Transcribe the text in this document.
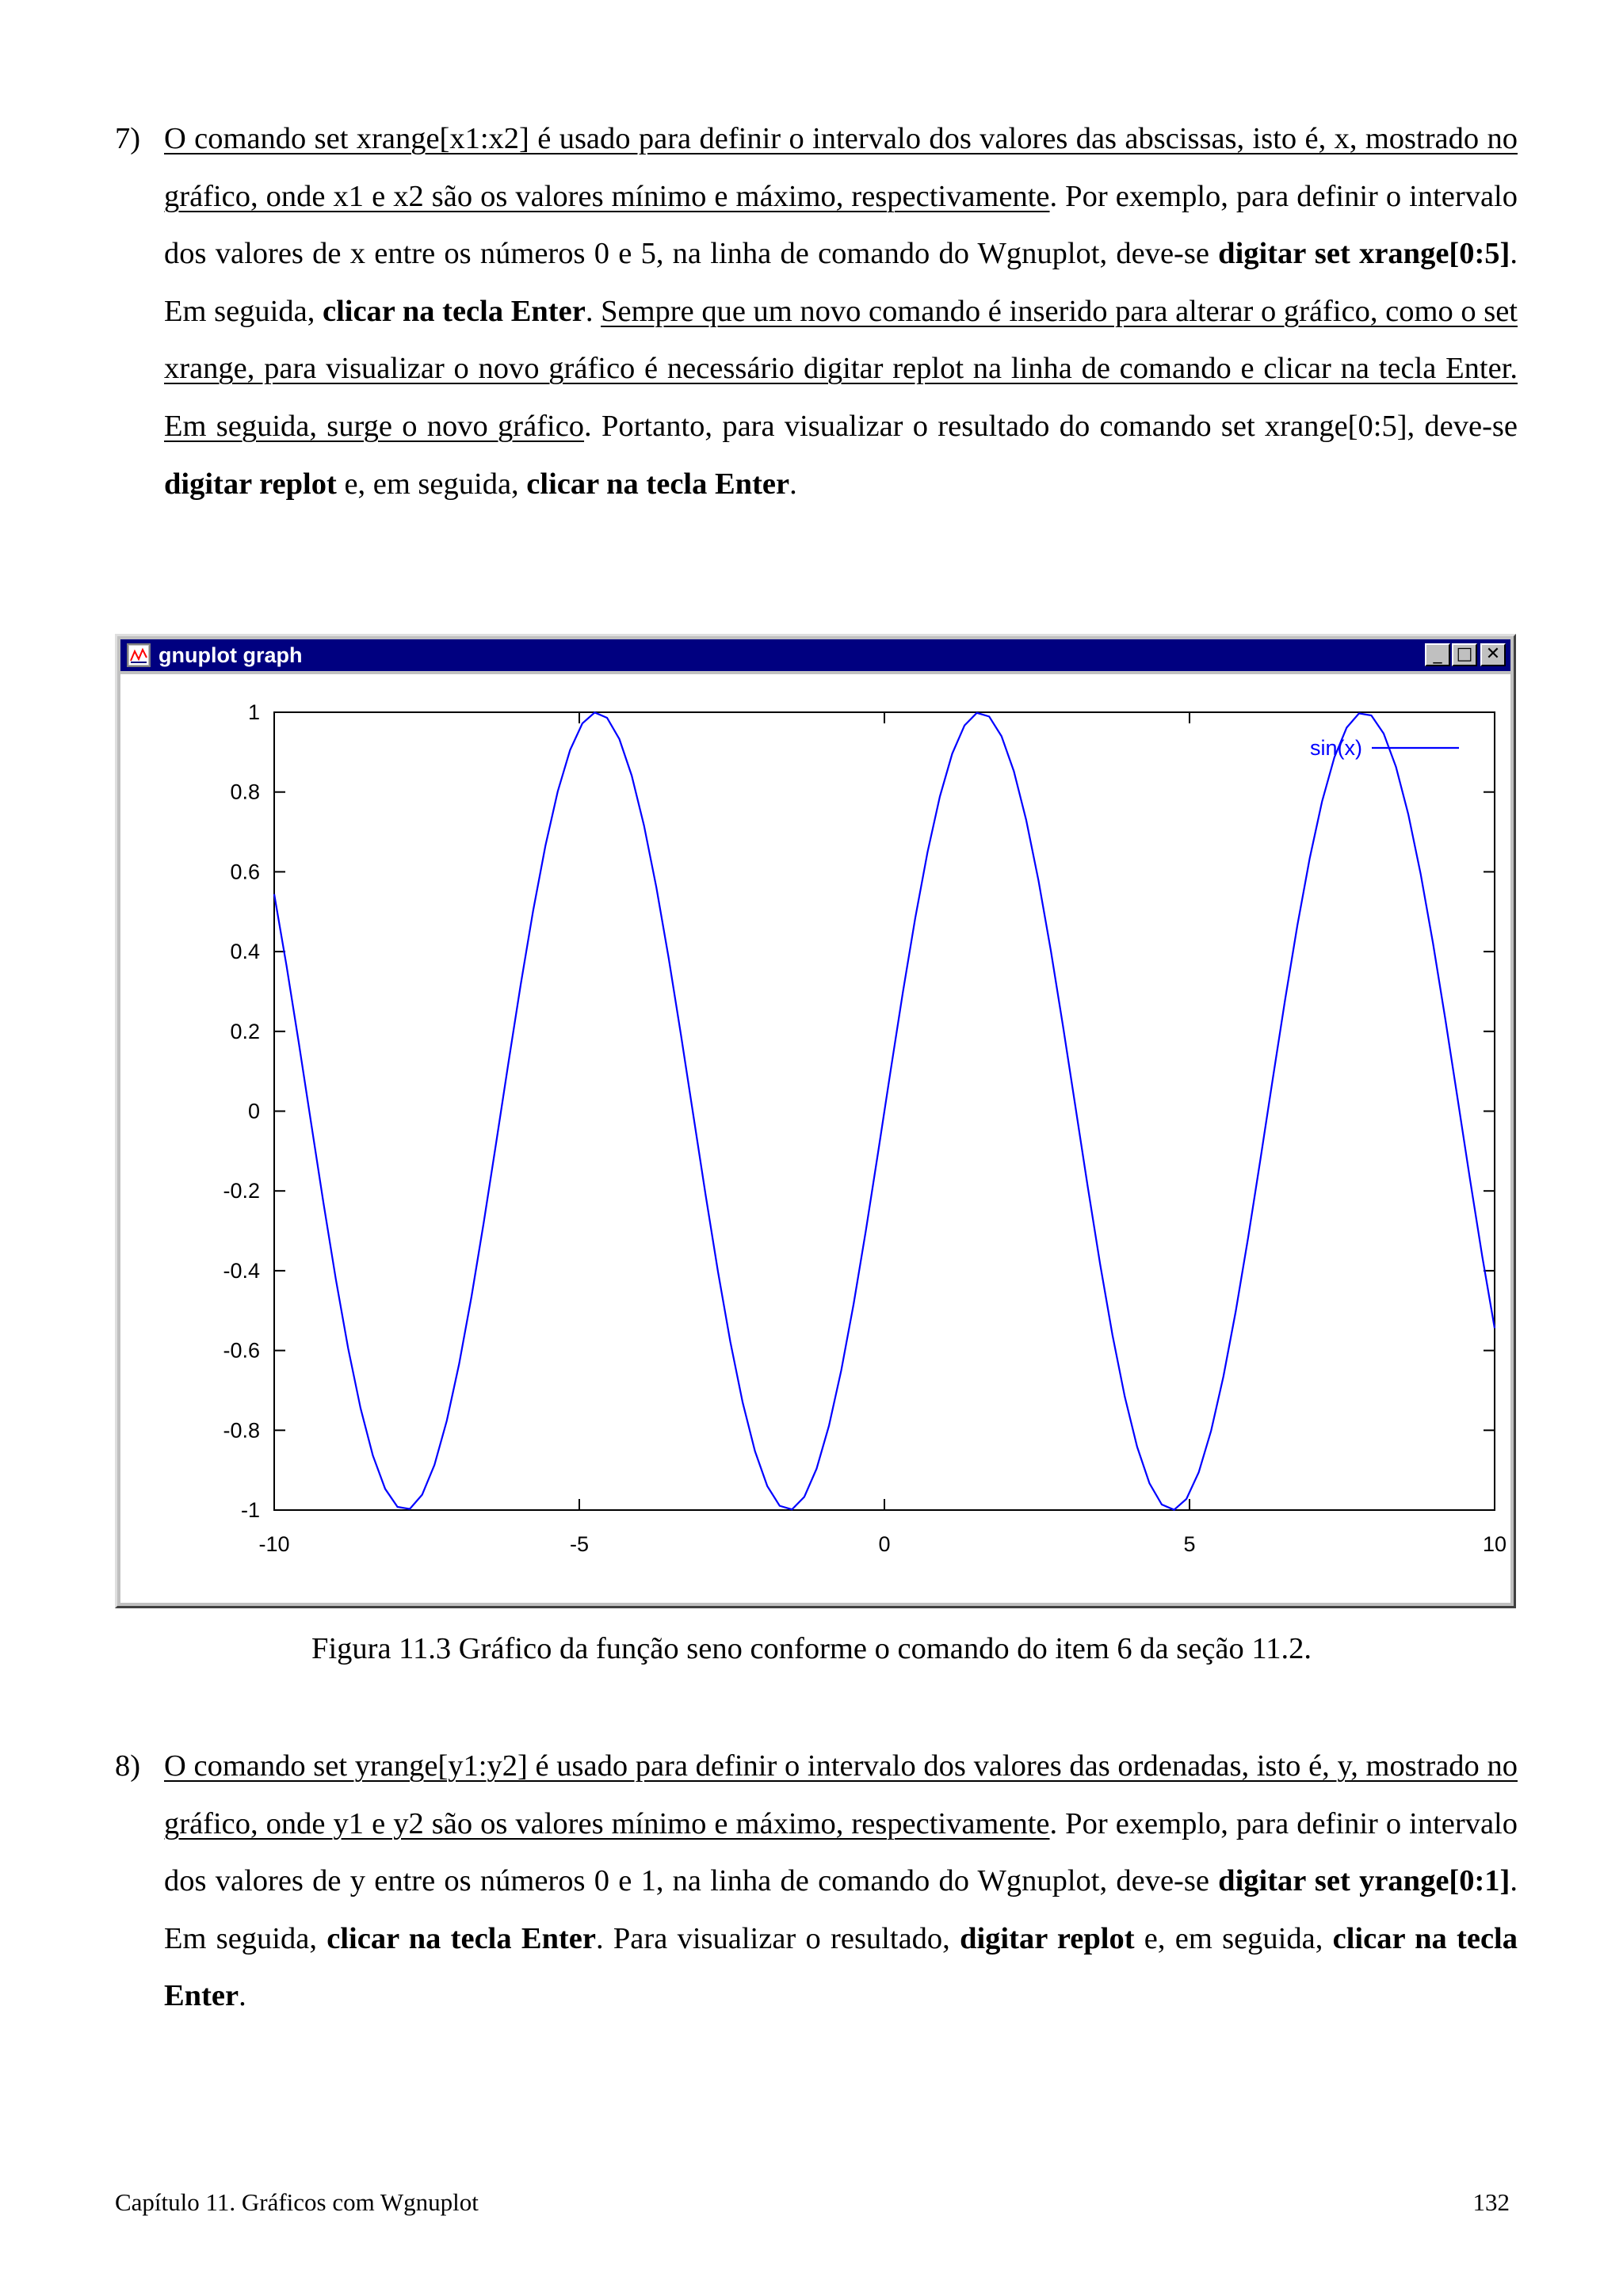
7) O comando set xrange[x1:x2] é usado para definir o intervalo dos valores das abscissas, isto é, x, mostrado no gráfico, onde x1 e x2 são os valores mínimo e máximo, respectivamente. Por exemplo, para definir o intervalo dos valores de x entre os números 0 e 5, na linha de comando do Wgnuplot, deve-se digitar set xrange[0:5]. Em seguida, clicar na tecla Enter. Sempre que um novo comando é inserido para alterar o gráfico, como o set xrange, para visualizar o novo gráfico é necessário digitar replot na linha de comando e clicar na tecla Enter. Em seguida, surge o novo gráfico. Portanto, para visualizar o resultado do comando set xrange[0:5], deve-se digitar replot e, em seguida, clicar na tecla Enter.
gnuplot graph	_ □ ✕
1
0.8
0.6
0.4
0.2
0
-0.2
-0.4
-0.6
-0.8
-1
-10	-5	0	5	10
sin(x)
Figura 11.3 Gráfico da função seno conforme o comando do item 6 da seção 11.2.
8) O comando set yrange[y1:y2] é usado para definir o intervalo dos valores das ordenadas, isto é, y, mostrado no gráfico, onde y1 e y2 são os valores mínimo e máximo, respectivamente. Por exemplo, para definir o intervalo dos valores de y entre os números 0 e 1, na linha de comando do Wgnuplot, deve-se digitar set yrange[0:1]. Em seguida, clicar na tecla Enter. Para visualizar o resultado, digitar replot e, em seguida, clicar na tecla Enter.
Capítulo 11. Gráficos com Wgnuplot	132
